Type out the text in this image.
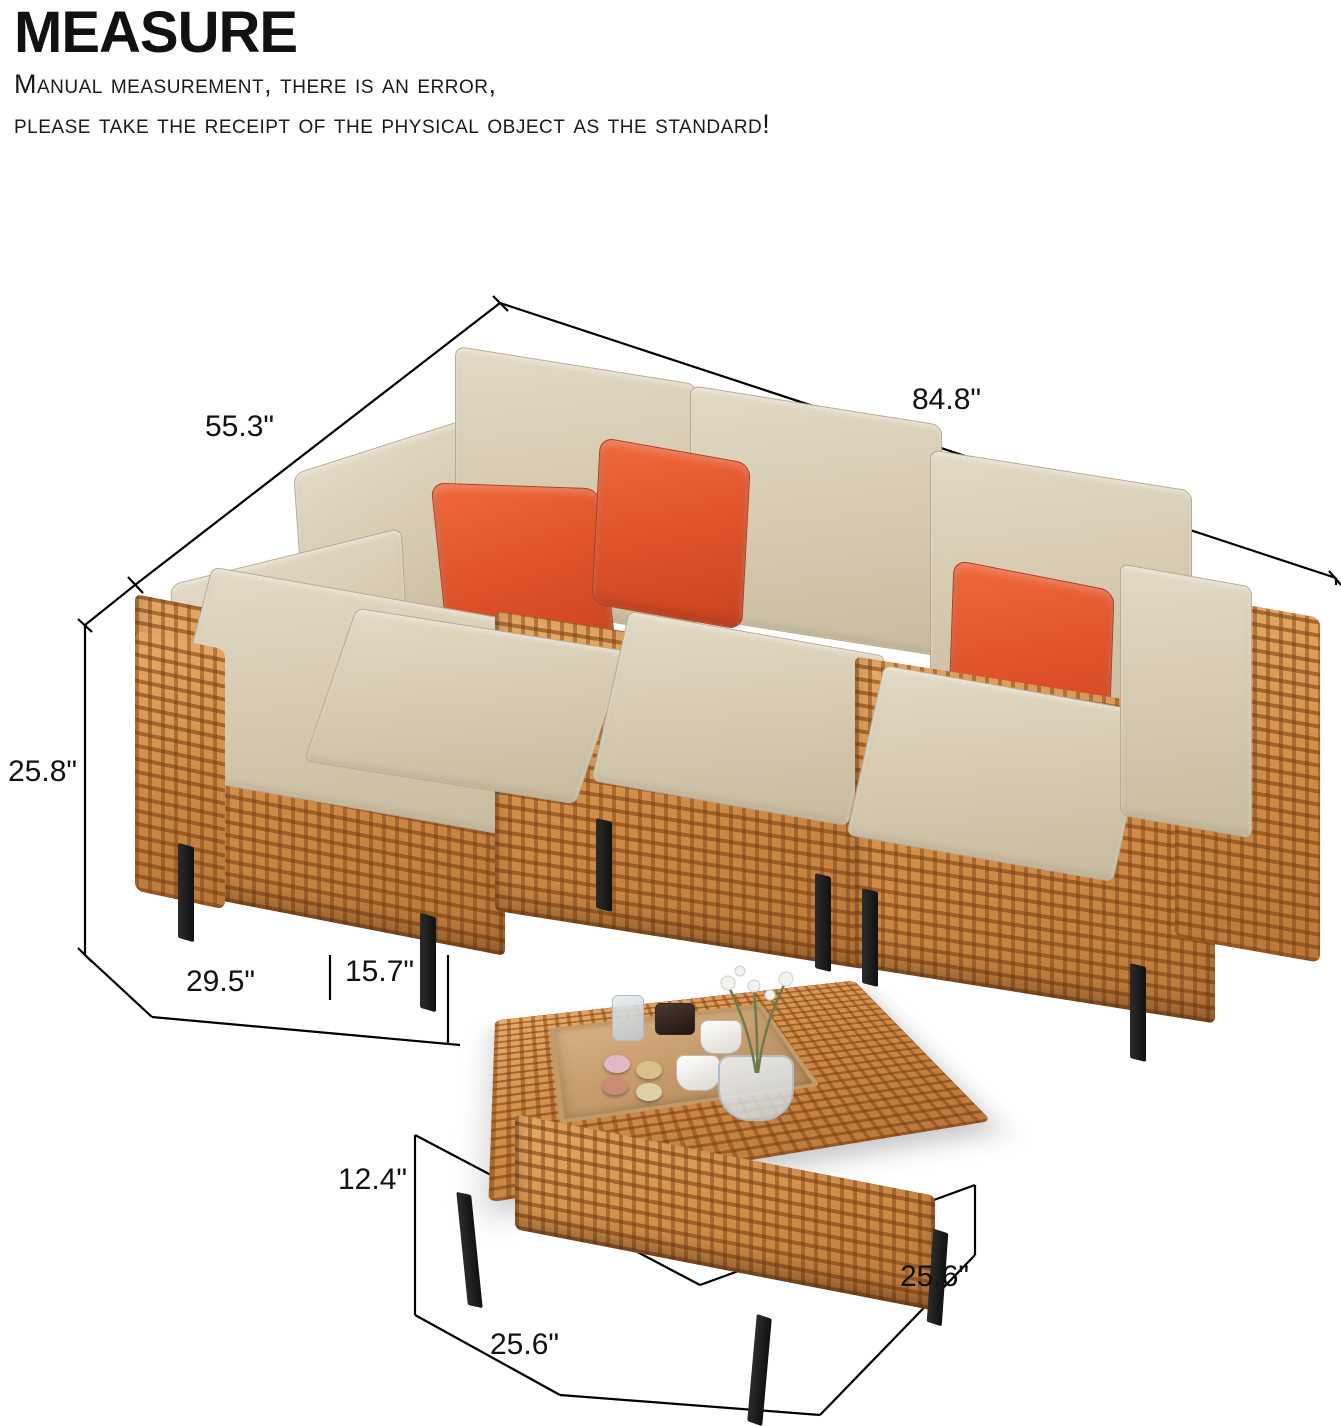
MEASURE
Manual measurement, there is an error,
please take the receipt of the physical object as the standard!
55.3"
84.8"
25.8"
29.5"	15.7"
12.4"
25.6"
25.6"
